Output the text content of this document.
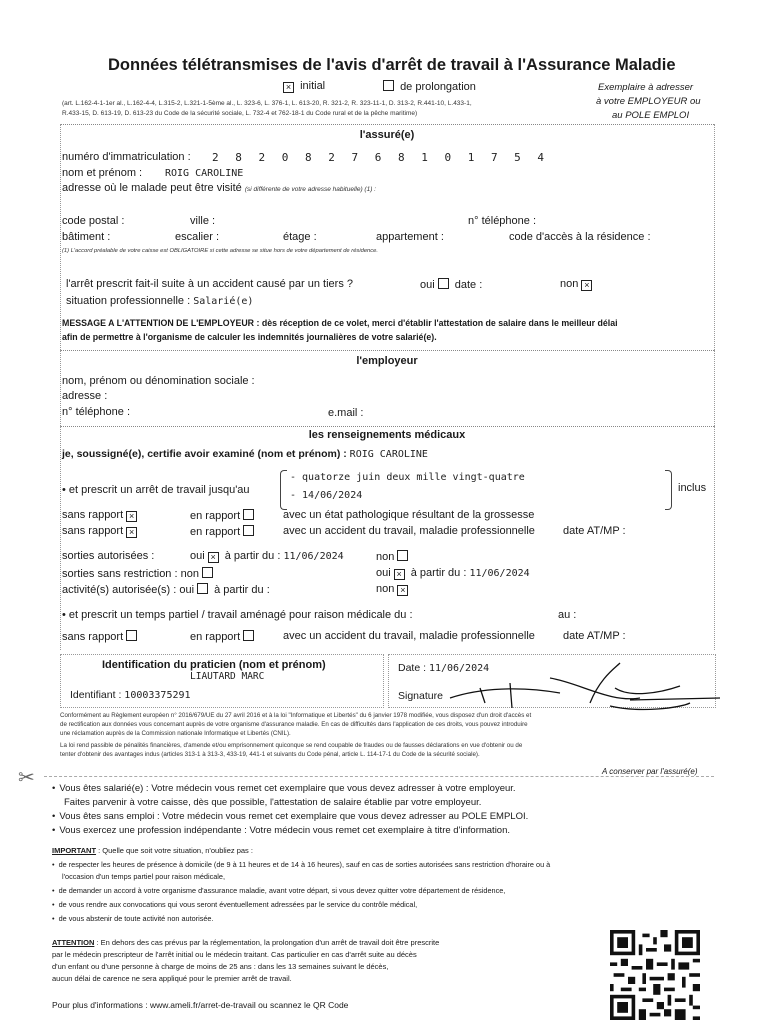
Données télétransmises de l'avis d'arrêt de travail à l'Assurance Maladie
× initial	de prolongation
(art. L.162-4-1-1er al., L.162-4-4, L.315-2, L.321-1-5ème al., L. 323-6, L. 376-1, L. 613-20, R. 321-2, R. 323-11-1, D. 313-2, R.441-10, L.433-1,
R.433-15, D. 613-19, D. 613-23 du Code de la sécurité sociale, L. 732-4 et 762-18-1 du Code rural et de la pêche maritime)
Exemplaire à adresser
à votre EMPLOYEUR ou
au POLE EMPLOI
l'assuré(e)
numéro d'immatriculation : 2 8 2 0 8 2 7 6 8 1 0 1 7 5 4
nom et prénom : ROIG CAROLINE
adresse où le malade peut être visité (si différente de votre adresse habituelle) (1) :
code postal :	ville :	n° téléphone :
bâtiment :	escalier :	étage :	appartement :	code d'accès à la résidence :
(1) L'accord préalable de votre caisse est OBLIGATOIRE si cette adresse se situe hors de votre département de résidence.
l'arrêt prescrit fait-il suite à un accident causé par un tiers ?	oui date :	non ×
situation professionnelle : Salarié(e)
MESSAGE A L'ATTENTION DE L'EMPLOYEUR : dès réception de ce volet, merci d'établir l'attestation de salaire dans le meilleur délai
afin de permettre à l'organisme de calculer les indemnités journalières de votre salarié(e).
l'employeur
nom, prénom ou dénomination sociale :
adresse :
n° téléphone :	e.mail :
les renseignements médicaux
je, soussigné(e), certifie avoir examiné (nom et prénom) : ROIG CAROLINE
• et prescrit un arrêt de travail jusqu'au
- quatorze juin deux mille vingt-quatre
- 14/06/2024
inclus
sans rapport ×	en rapport	avec un état pathologique résultant de la grossesse
sans rapport ×	en rapport	avec un accident du travail, maladie professionnelle	date AT/MP :
sorties autorisées :	oui × à partir du : 11/06/2024	non
sorties sans restriction : non	oui × à partir du : 11/06/2024
activité(s) autorisée(s) : oui à partir du :	non ×
• et prescrit un temps partiel / travail aménagé pour raison médicale du :	au :
sans rapport	en rapport	avec un accident du travail, maladie professionnelle	date AT/MP :
Identification du praticien (nom et prénom)
LIAUTARD MARC
Identifiant : 10003375291
Date : 11/06/2024
Signature
Conformément au Règlement européen n° 2016/679/UE du 27 avril 2016 et à la loi "Informatique et Libertés" du 6 janvier 1978 modifiée, vous disposez d'un droit d'accès et
de rectification aux données vous concernant auprès de votre organisme d'assurance maladie. En cas de difficultés dans l'application de ces droits, vous pouvez introduire
une réclamation auprès de la Commission nationale Informatique et Libertés (CNIL).
La loi rend passible de pénalités financières, d'amende et/ou emprisonnement quiconque se rend coupable de fraudes ou de fausses déclarations en vue d'obtenir ou de
tenter d'obtenir des avantages indus (articles 313-1 à 313-3, 433-19, 441-1 et suivants du Code pénal, article L. 114-17-1 du Code de la sécurité sociale).
A conserver par l'assuré(e)
✂
•	Vous êtes salarié(e) : Votre médecin vous remet cet exemplaire que vous devez adresser à votre employeur.
Faites parvenir à votre caisse, dès que possible, l'attestation de salaire établie par votre employeur.
• Vous êtes sans emploi : Votre médecin vous remet cet exemplaire que vous devez adresser au POLE EMPLOI.
• Vous exercez une profession indépendante : Votre médecin vous remet cet exemplaire à titre d'information.
IMPORTANT : Quelle que soit votre situation, n'oubliez pas :
• de respecter les heures de présence à domicile (de 9 à 11 heures et de 14 à 16 heures), sauf en cas de sorties autorisées sans restriction d'horaire ou à
l'occasion d'un temps partiel pour raison médicale,
• de demander un accord à votre organisme d'assurance maladie, avant votre départ, si vous devez quitter votre département de résidence,
• de vous rendre aux convocations qui vous seront éventuellement adressées par le service du contrôle médical,
• de vous abstenir de toute activité non autorisée.
ATTENTION : En dehors des cas prévus par la réglementation, la prolongation d'un arrêt de travail doit être prescrite
par le médecin prescripteur de l'arrêt initial ou le médecin traitant. Cas particulier en cas d'arrêt suite au décès
d'un enfant ou d'une personne à charge de moins de 25 ans : dans les 13 semaines suivant le décès,
aucun délai de carence ne sera appliqué pour le premier arrêt de travail.
Pour plus d'informations : www.ameli.fr/arret-de-travail ou scannez le QR Code
